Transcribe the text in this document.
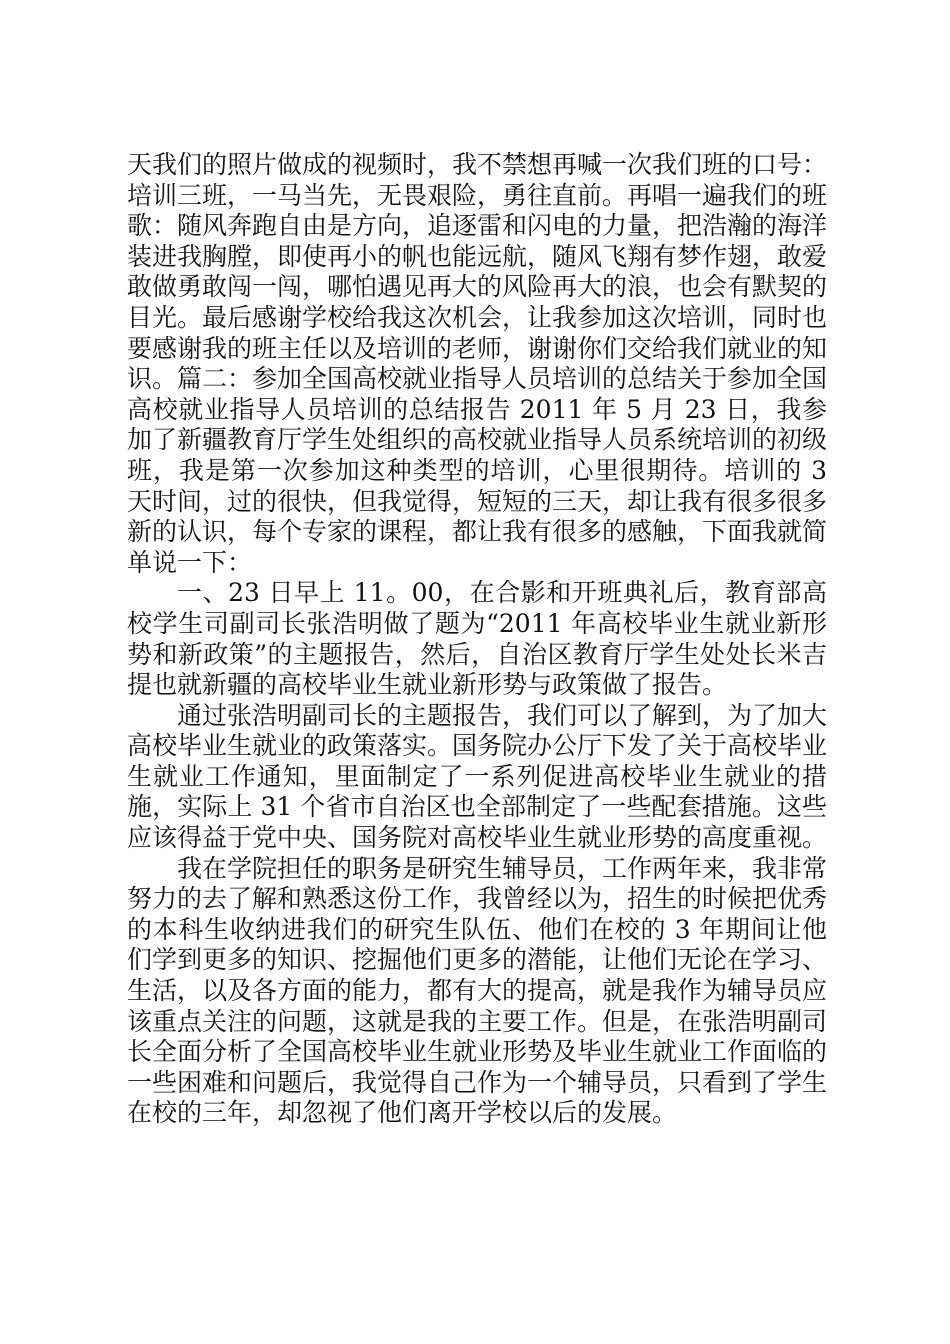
天我们的照片做成的视频时，我不禁想再喊一次我们班的口号：培训三班，一马当先，无畏艰险，勇往直前。再唱一遍我们的班歌：随风奔跑自由是方向，追逐雷和闪电的力量，把浩瀚的海洋装进我胸膛，即使再小的帆也能远航，随风飞翔有梦作翅，敢爱敢做勇敢闯一闯，哪怕遇见再大的风险再大的浪，也会有默契的目光。最后感谢学校给我这次机会，让我参加这次培训，同时也要感谢我的班主任以及培训的老师，谢谢你们交给我们就业的知识。篇二：参加全国高校就业指导人员培训的总结关于参加全国高校就业指导人员培训的总结报告 2011 年 5 月 23 日，我参加了新疆教育厅学生处组织的高校就业指导人员系统培训的初级班，我是第一次参加这种类型的培训，心里很期待。培训的 3 天时间，过的很快，但我觉得，短短的三天，却让我有很多很多新的认识，每个专家的课程，都让我有很多的感触，下面我就简单说一下：

一、23 日早上 11。00，在合影和开班典礼后，教育部高校学生司副司长张浩明做了题为“2011 年高校毕业生就业新形势和新政策”的主题报告，然后，自治区教育厅学生处处长米吉提也就新疆的高校毕业生就业新形势与政策做了报告。

通过张浩明副司长的主题报告，我们可以了解到，为了加大高校毕业生就业的政策落实。国务院办公厅下发了关于高校毕业生就业工作通知，里面制定了一系列促进高校毕业生就业的措施，实际上 31 个省市自治区也全部制定了一些配套措施。这些应该得益于党中央、国务院对高校毕业生就业形势的高度重视。

我在学院担任的职务是研究生辅导员，工作两年来，我非常努力的去了解和熟悉这份工作，我曾经以为，招生的时候把优秀的本科生收纳进我们的研究生队伍、他们在校的 3 年期间让他们学到更多的知识、挖掘他们更多的潜能，让他们无论在学习、生活，以及各方面的能力，都有大的提高，就是我作为辅导员应该重点关注的问题，这就是我的主要工作。但是，在张浩明副司长全面分析了全国高校毕业生就业形势及毕业生就业工作面临的一些困难和问题后，我觉得自己作为一个辅导员，只看到了学生在校的三年，却忽视了他们离开学校以后的发展。
